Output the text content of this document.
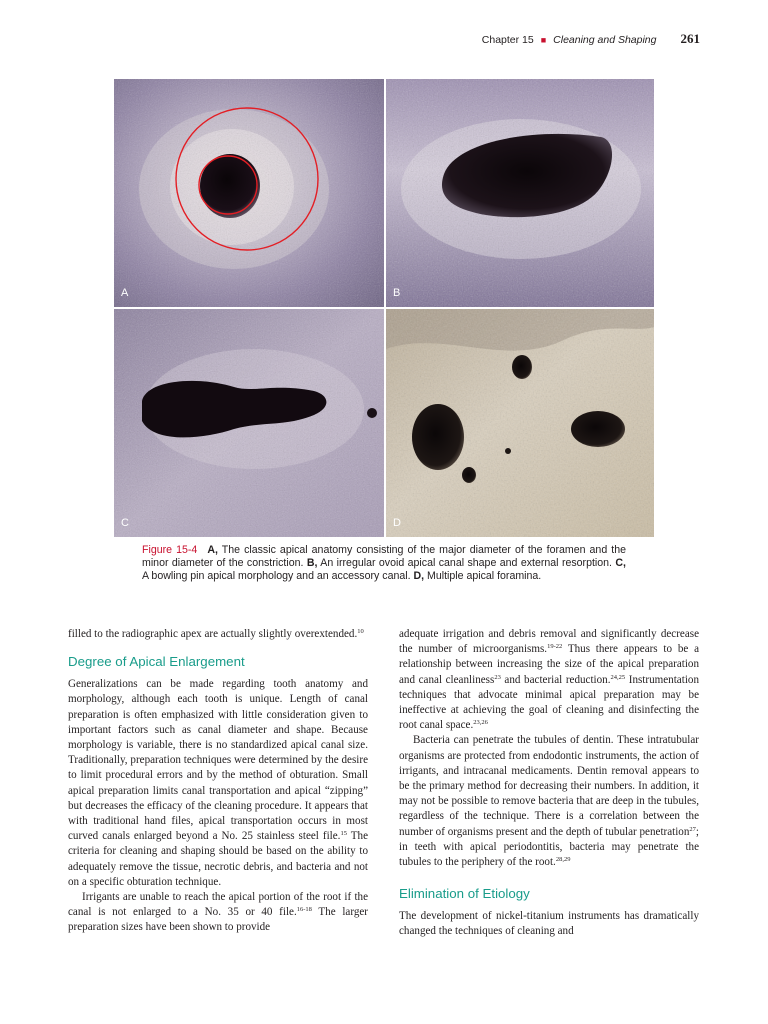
Chapter 15 ■ Cleaning and Shaping 261
A	B
C	D
Figure 15-4 A, The classic apical anatomy consisting of the major diameter of the foramen and the minor diameter of the constriction. B, An irregular ovoid apical canal shape and external resorption. C, A bowling pin apical morphology and an accessory canal. D, Multiple apical foramina.

filled to the radiographic apex are actually slightly overextended.$^{10}$

Degree of Apical Enlargement

Generalizations can be made regarding tooth anatomy and morphology, although each tooth is unique. Length of canal preparation is often emphasized with little consideration given to important factors such as canal diameter and shape. Because morphology is variable, there is no standardized apical canal size. Traditionally, preparation techniques were determined by the desire to limit procedural errors and by the method of obturation. Small apical preparation limits canal transportation and apical “zipping” but decreases the efficacy of the cleaning procedure. It appears that with traditional hand files, apical transportation occurs in most curved canals enlarged beyond a No. 25 stainless steel file.$^{15}$ The criteria for cleaning and shaping should be based on the ability to adequately remove the tissue, necrotic debris, and bacteria and not on a specific obturation technique.

Irrigants are unable to reach the apical portion of the root if the canal is not enlarged to a No. 35 or 40 file.$^{16-18}$ The larger preparation sizes have been shown to provide

adequate irrigation and debris removal and significantly decrease the number of microorganisms.$^{19-22}$ Thus there appears to be a relationship between increasing the size of the apical preparation and canal cleanliness$^{23}$ and bacterial reduction.$^{24,25}$ Instrumentation techniques that advocate minimal apical preparation may be ineffective at achieving the goal of cleaning and disinfecting the root canal space.$^{23,26}$

Bacteria can penetrate the tubules of dentin. These intratubular organisms are protected from endodontic instruments, the action of irrigants, and intracanal medicaments. Dentin removal appears to be the primary method for decreasing their numbers. In addition, it may not be possible to remove bacteria that are deep in the tubules, regardless of the technique. There is a correlation between the number of organisms present and the depth of tubular penetration$^{27}$; in teeth with apical periodontitis, bacteria may penetrate the tubules to the periphery of the root.$^{28,29}$

Elimination of Etiology

The development of nickel-titanium instruments has dramatically changed the techniques of cleaning and
